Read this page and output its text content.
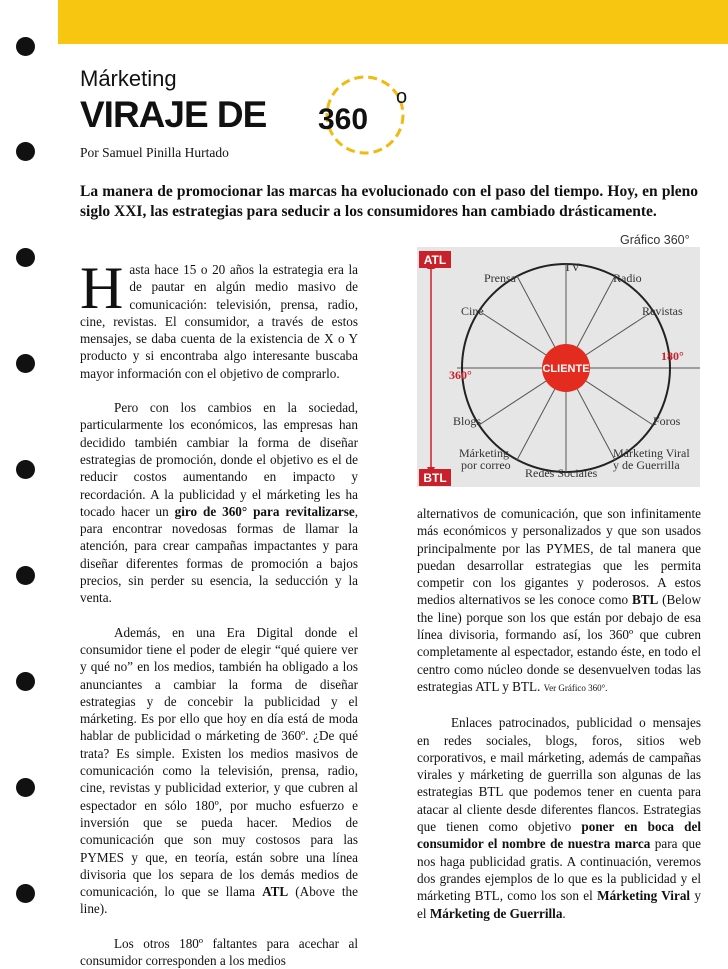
Márketing
VIRAJE DE 360
o
Por Samuel Pinilla Hurtado
La manera de promocionar las marcas ha evolucionado con el paso del tiempo. Hoy, en pleno siglo XXI, las estrategias para seducir a los consumidores han cambiado drásticamente.

H asta hace 15 o 20 años la estrategia era la de pautar en algún medio masivo de comunicación: televisión, prensa, radio, cine, revistas. El consumidor, a través de estos mensajes, se daba cuenta de la existencia de X o Y producto y si encontraba algo interesante buscaba mayor información con el objetivo de comprarlo.

Pero con los cambios en la sociedad, particularmente los económicos, las empresas han decidido también cambiar la forma de diseñar estrategias de promoción, donde el objetivo es el de reducir costos aumentando en impacto y recordación. A la publicidad y el márketing les ha tocado hacer un giro de 360° para revitalizarse, para encontrar novedosas formas de llamar la atención, para crear campañas impactantes y para diseñar diferentes formas de promoción a bajos precios, sin perder su esencia, la seducción y la venta.

Además, en una Era Digital donde el consumidor tiene el poder de elegir “qué quiere ver y qué no” en los medios, también ha obligado a los anunciantes a cambiar la forma de diseñar estrategias y de concebir la publicidad y el márketing. Es por ello que hoy en día está de moda hablar de publicidad o márketing de 360º. ¿De qué trata? Es simple. Existen los medios masivos de comunicación como la televisión, prensa, radio, cine, revistas y publicidad exterior, y que cubren al espectador en sólo 180º, por mucho esfuerzo e inversión que se pueda hacer. Medios de comunicación que son muy costosos para las PYMES y que, en teoría, están sobre una línea divisoria que los separa de los demás medios de comunicación, lo que se llama ATL (Above the line).

Los otros 180º faltantes para acechar al consumidor corresponden a los medios

Gráfico 360°
ATL
BTL
CLIENTE
360°
180°
TV
Prensa	Radio
Cine	Revistas
Blogs	Foros
Márketing
por correo
Redes Sociales
Márketing Viral
y de Guerrilla

alternativos de comunicación, que son infinitamente más económicos y personalizados y que son usados principalmente por las PYMES, de tal manera que puedan desarrollar estrategias que les permita competir con los gigantes y poderosos. A estos medios alternativos se les conoce como BTL (Below the line) porque son los que están por debajo de esa línea divisoria, formando así, los 360º que cubren completamente al espectador, estando éste, en todo el centro como núcleo donde se desenvuelven todas las estrategias ATL y BTL. Ver Gráfico 360°.

Enlaces patrocinados, publicidad o mensajes en redes sociales, blogs, foros, sitios web corporativos, e mail márketing, además de campañas virales y márketing de guerrilla son algunas de las estrategias BTL que podemos tener en cuenta para atacar al cliente desde diferentes flancos. Estrategias que tienen como objetivo poner en boca del consumidor el nombre de nuestra marca para que nos haga publicidad gratis. A continuación, veremos dos grandes ejemplos de lo que es la publicidad y el márketing BTL, como los son el Márketing Viral y el Márketing de Guerrilla.
